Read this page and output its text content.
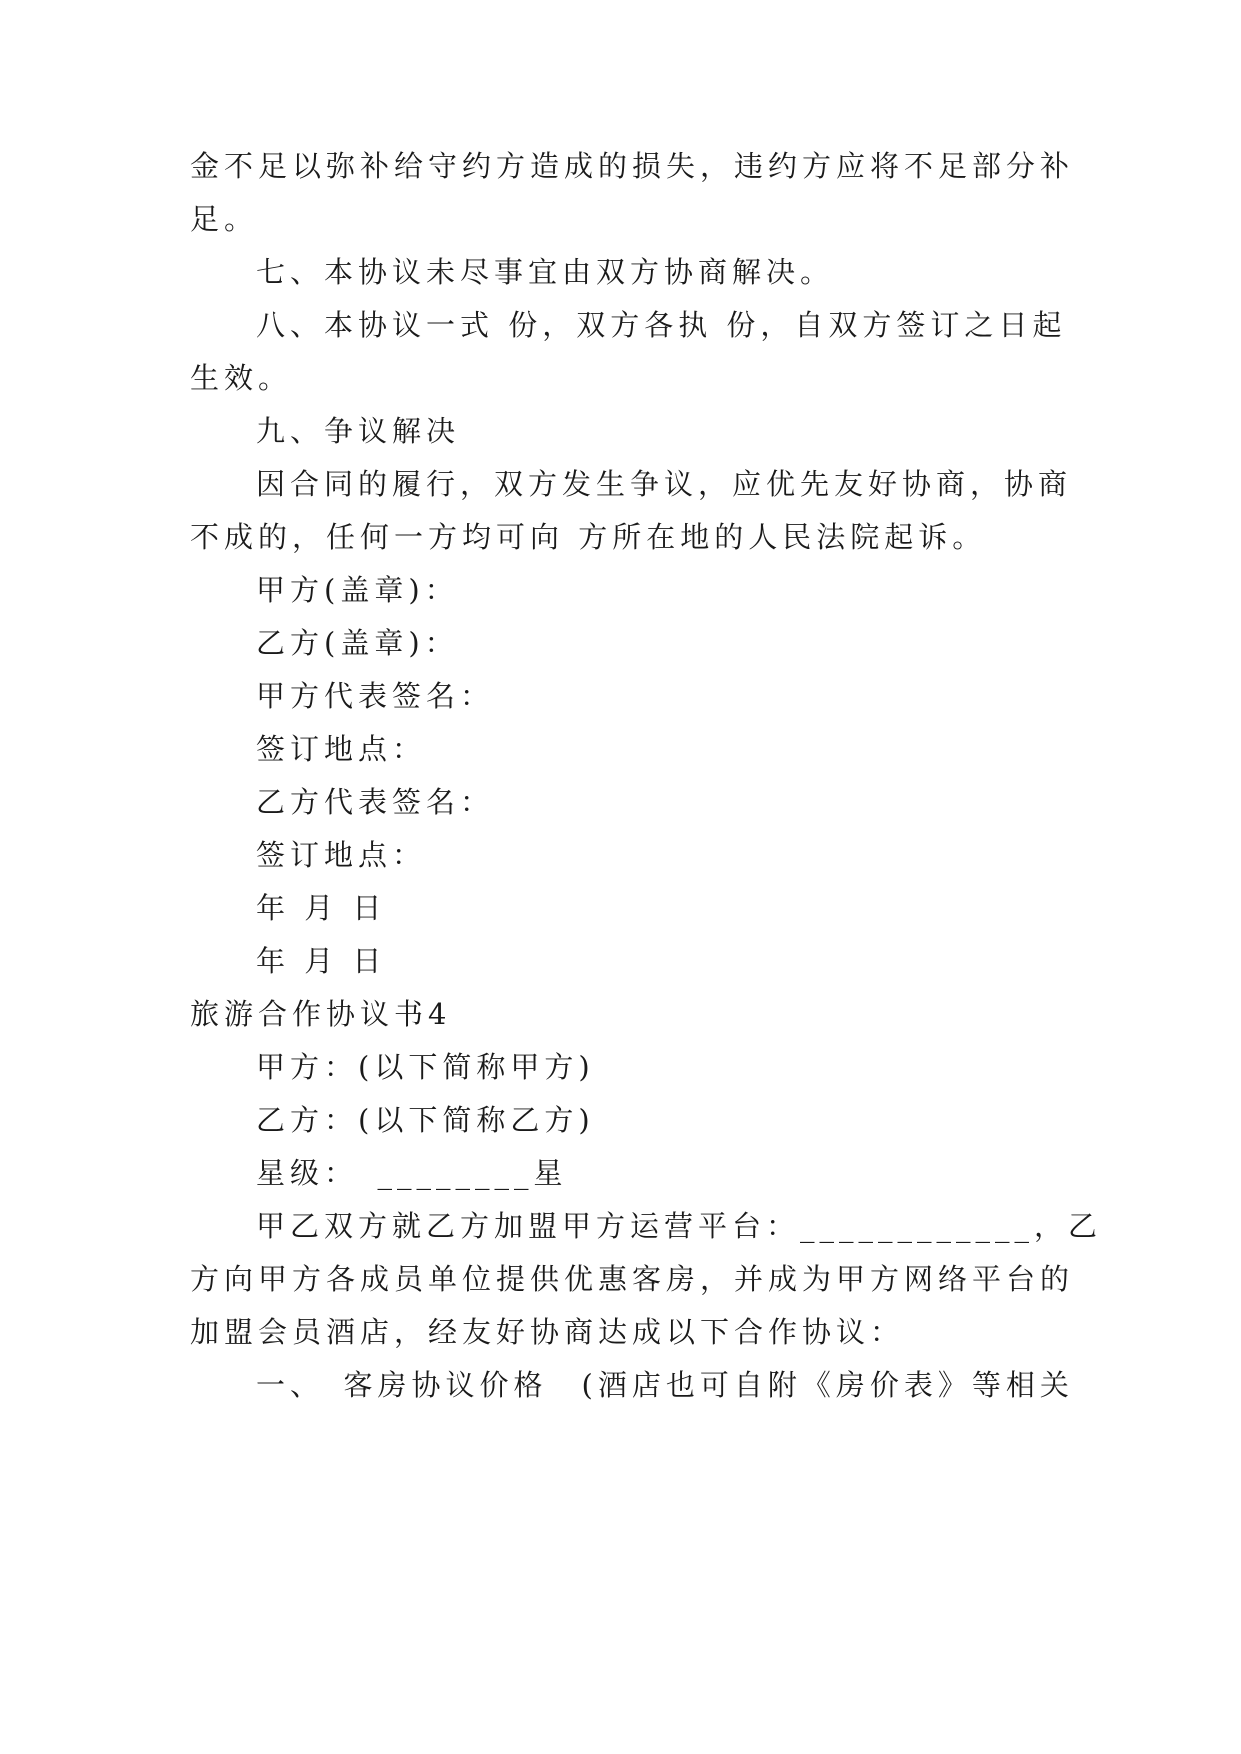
金不足以弥补给守约方造成的损失，违约方应将不足部分补
足。
七、本协议未尽事宜由双方协商解决。
八、本协议一式 份，双方各执 份，自双方签订之日起
生效。
九、争议解决
因合同的履行，双方发生争议，应优先友好协商，协商
不成的，任何一方均可向 方所在地的人民法院起诉。
甲方(盖章)：
乙方(盖章)：
甲方代表签名：
签订地点：
乙方代表签名：
签订地点：
年 月 日
年 月 日
旅游合作协议书4
甲方：(以下简称甲方)
乙方：(以下简称乙方)
星级：　________星
甲乙双方就乙方加盟甲方运营平台：____________，乙
方向甲方各成员单位提供优惠客房，并成为甲方网络平台的
加盟会员酒店，经友好协商达成以下合作协议：
一、　客房协议价格　(酒店也可自附《房价表》等相关
